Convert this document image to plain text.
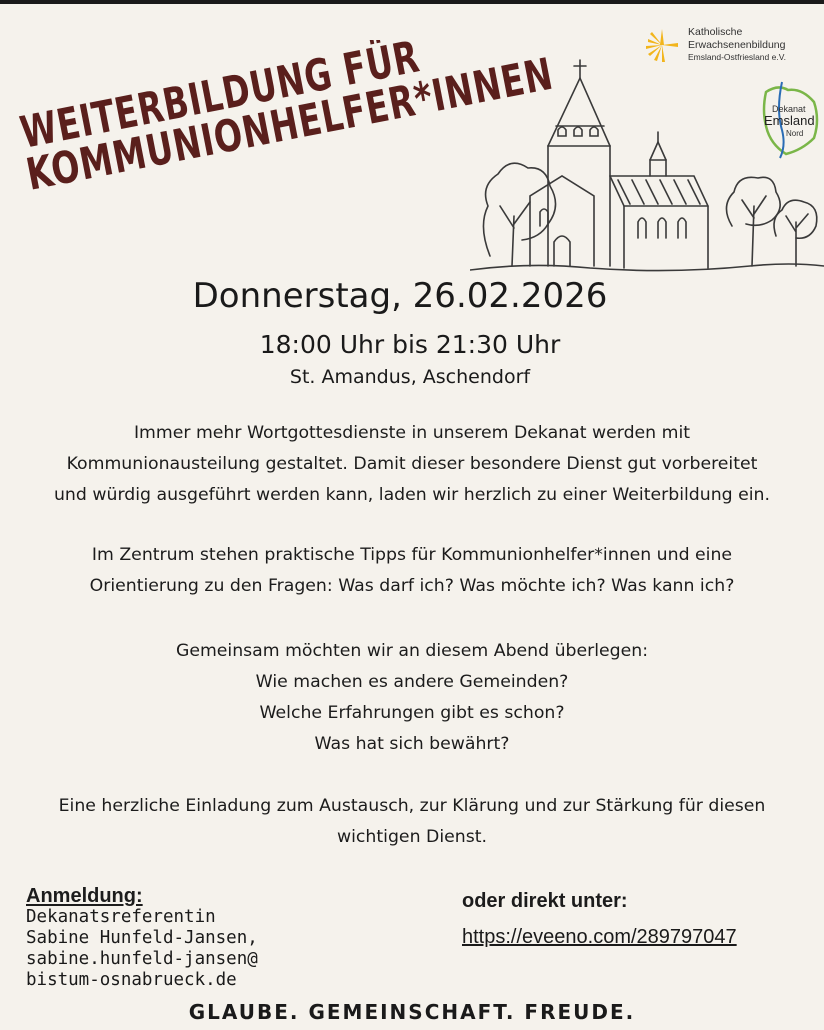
WEITERBILDUNG FÜR
KOMMUNIONHELFER*INNEN
Katholische
Erwachsenenbildung
Emsland-Ostfriesland e.V.
Dekanat
Emsland
Nord
Donnerstag, 26.02.2026
18:00 Uhr bis 21:30 Uhr
St. Amandus, Aschendorf
Immer mehr Wortgottesdienste in unserem Dekanat werden mit
Kommunionausteilung gestaltet. Damit dieser besondere Dienst gut vorbereitet
und würdig ausgeführt werden kann, laden wir herzlich zu einer Weiterbildung ein.
Im Zentrum stehen praktische Tipps für Kommunionhelfer*innen und eine
Orientierung zu den Fragen: Was darf ich? Was möchte ich? Was kann ich?
Gemeinsam möchten wir an diesem Abend überlegen:
Wie machen es andere Gemeinden?
Welche Erfahrungen gibt es schon?
Was hat sich bewährt?
Eine herzliche Einladung zum Austausch, zur Klärung und zur Stärkung für diesen
wichtigen Dienst.
Anmeldung:
Dekanatsreferentin
Sabine Hunfeld-Jansen,
sabine.hunfeld-jansen@
bistum-osnabrueck.de
oder direkt unter:
https://eveeno.com/289797047
GLAUBE. GEMEINSCHAFT. FREUDE.
